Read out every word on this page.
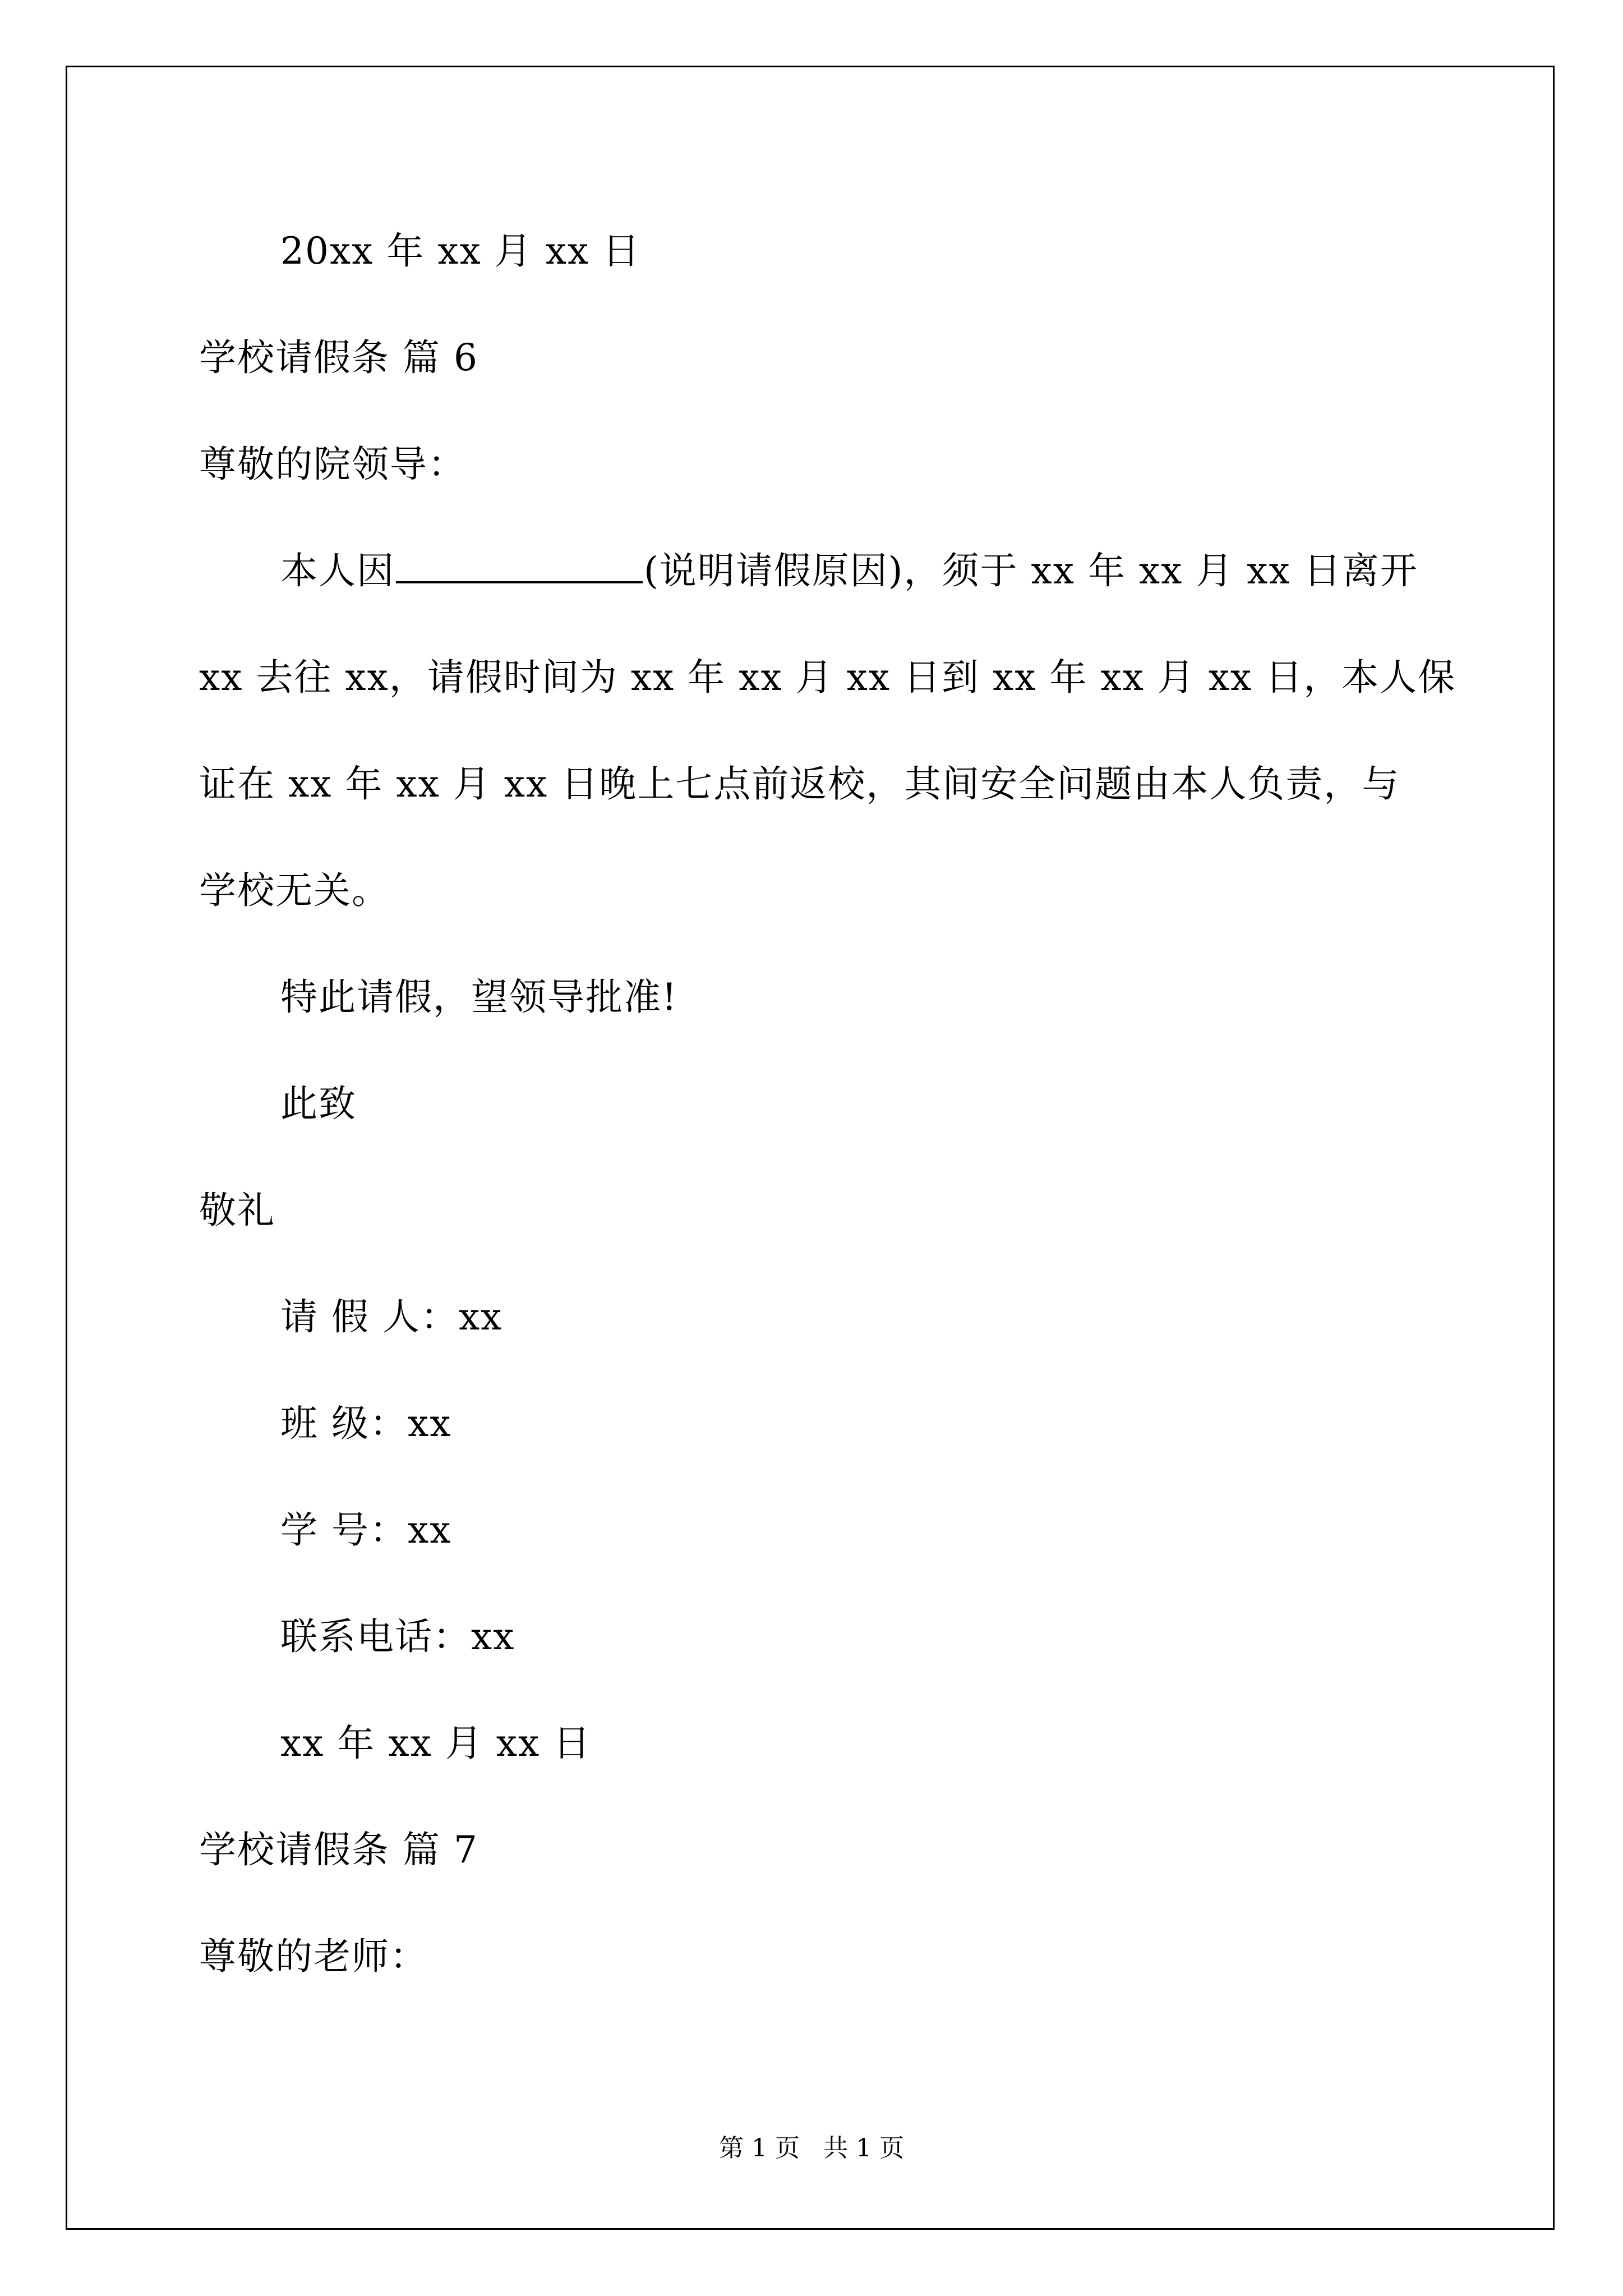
20xx 年 xx 月 xx 日
学校请假条 篇 6
尊敬的院领导：
本人因	(说明请假原因)，须于 xx 年 xx 月 xx 日离开
xx 去往 xx，请假时间为 xx 年 xx 月 xx 日到 xx 年 xx 月 xx 日，本人保
证在 xx 年 xx 月 xx 日晚上七点前返校，其间安全问题由本人负责，与
学校无关。
特此请假，望领导批准!
此致
敬礼
请 假 人：xx
班 级：xx
学 号：xx
联系电话：xx
xx 年 xx 月 xx 日
学校请假条 篇 7
尊敬的老师：
第 1 页 共 1 页
